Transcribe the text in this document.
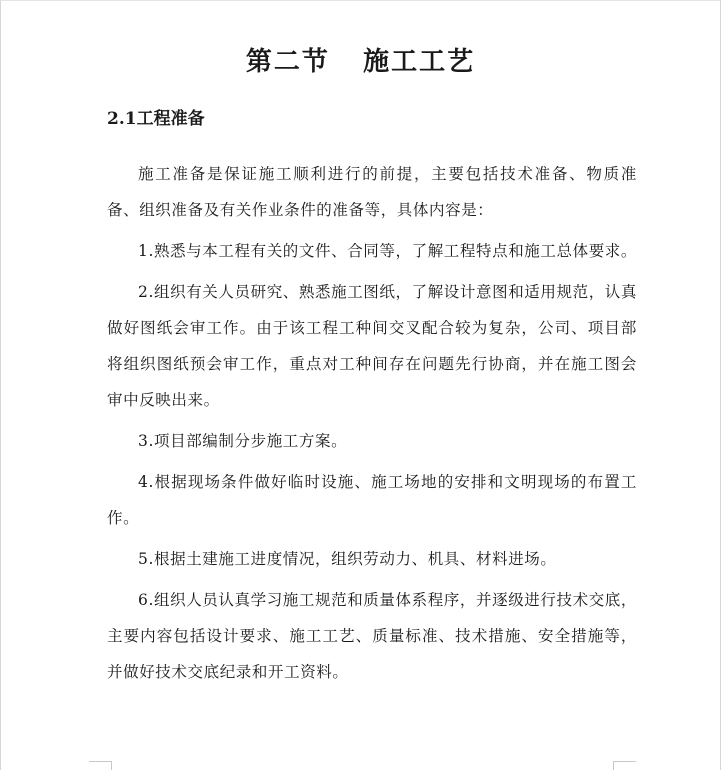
第二节   施工工艺
2.1工程准备

施工准备是保证施工顺利进行的前提，主要包括技术准备、物质准备、组织准备及有关作业条件的准备等，具体内容是：

1.熟悉与本工程有关的文件、合同等，了解工程特点和施工总体要求。

2.组织有关人员研究、熟悉施工图纸，了解设计意图和适用规范，认真做好图纸会审工作。由于该工程工种间交叉配合较为复杂，公司、项目部将组织图纸预会审工作，重点对工种间存在问题先行协商，并在施工图会审中反映出来。

3.项目部编制分步施工方案。

4.根据现场条件做好临时设施、施工场地的安排和文明现场的布置工作。

5.根据土建施工进度情况，组织劳动力、机具、材料进场。

6.组织人员认真学习施工规范和质量体系程序，并逐级进行技术交底，主要内容包括设计要求、施工工艺、质量标准、技术措施、安全措施等，并做好技术交底纪录和开工资料。
